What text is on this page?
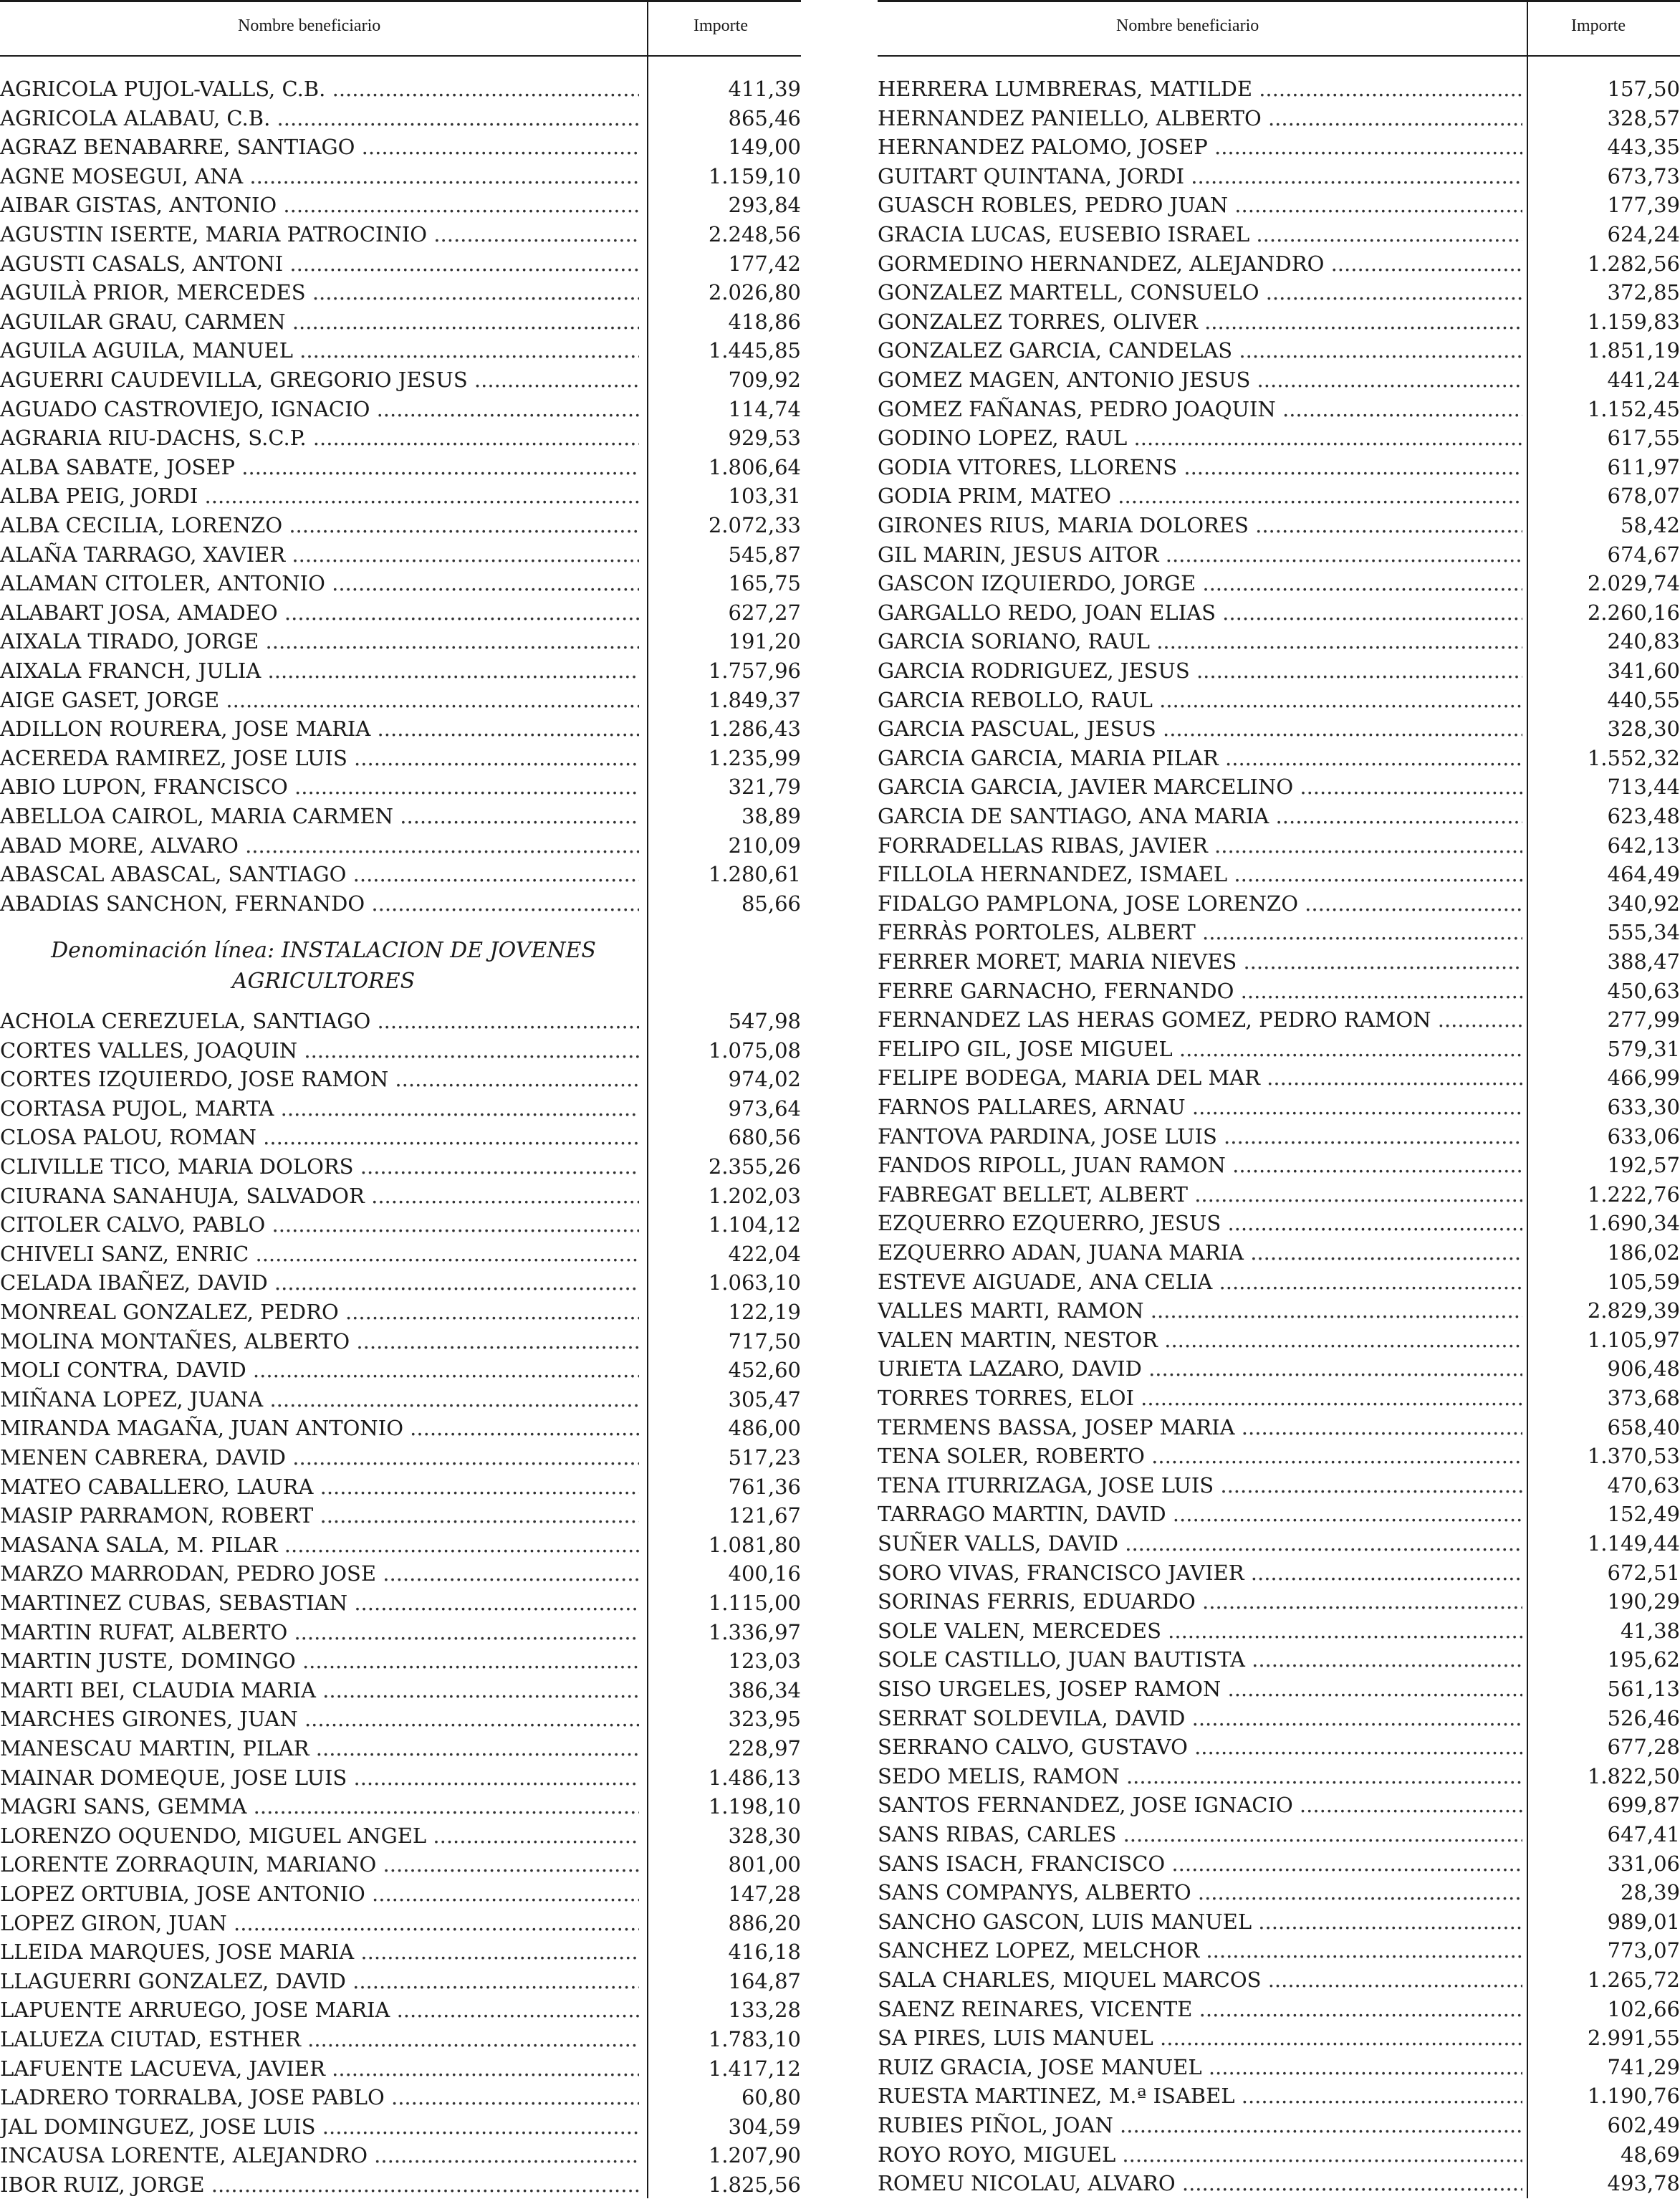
Nombre beneficiario	Importe
AGRICOLA PUJOL-VALLS, C.B. .....	411,39
AGRICOLA ALABAU, C.B. .....	865,46
AGRAZ BENABARRE, SANTIAGO .....	149,00
AGNE MOSEGUI, ANA .....	1.159,10
AIBAR GISTAS, ANTONIO .....	293,84
AGUSTIN ISERTE, MARIA PATROCINIO .....	2.248,56
AGUSTI CASALS, ANTONI .....	177,42
AGUILÀ PRIOR, MERCEDES .....	2.026,80
AGUILAR GRAU, CARMEN .....	418,86
AGUILA AGUILA, MANUEL .....	1.445,85
AGUERRI CAUDEVILLA, GREGORIO JESUS .....	709,92
AGUADO CASTROVIEJO, IGNACIO .....	114,74
AGRARIA RIU-DACHS, S.C.P. .....	929,53
ALBA SABATE, JOSEP .....	1.806,64
ALBA PEIG, JORDI .....	103,31
ALBA CECILIA, LORENZO .....	2.072,33
ALAÑA TARRAGO, XAVIER .....	545,87
ALAMAN CITOLER, ANTONIO .....	165,75
ALABART JOSA, AMADEO .....	627,27
AIXALA TIRADO, JORGE .....	191,20
AIXALA FRANCH, JULIA .....	1.757,96
AIGE GASET, JORGE .....	1.849,37
ADILLON ROURERA, JOSE MARIA .....	1.286,43
ACEREDA RAMIREZ, JOSE LUIS .....	1.235,99
ABIO LUPON, FRANCISCO .....	321,79
ABELLOA CAIROL, MARIA CARMEN .....	38,89
ABAD MORE, ALVARO .....	210,09
ABASCAL ABASCAL, SANTIAGO .....	1.280,61
ABADIAS SANCHON, FERNANDO .....	85,66
ACHOLA CEREZUELA, SANTIAGO .....	547,98
CORTES VALLES, JOAQUIN .....	1.075,08
CORTES IZQUIERDO, JOSE RAMON .....	974,02
CORTASA PUJOL, MARTA .....	973,64
CLOSA PALOU, ROMAN .....	680,56
CLIVILLE TICO, MARIA DOLORS .....	2.355,26
CIURANA SANAHUJA, SALVADOR .....	1.202,03
CITOLER CALVO, PABLO .....	1.104,12
CHIVELI SANZ, ENRIC .....	422,04
CELADA IBAÑEZ, DAVID .....	1.063,10
MONREAL GONZALEZ, PEDRO .....	122,19
MOLINA MONTAÑES, ALBERTO .....	717,50
MOLI CONTRA, DAVID .....	452,60
MIÑANA LOPEZ, JUANA .....	305,47
MIRANDA MAGAÑA, JUAN ANTONIO .....	486,00
MENEN CABRERA, DAVID .....	517,23
MATEO CABALLERO, LAURA .....	761,36
MASIP PARRAMON, ROBERT .....	121,67
MASANA SALA, M. PILAR .....	1.081,80
MARZO MARRODAN, PEDRO JOSE .....	400,16
MARTINEZ CUBAS, SEBASTIAN .....	1.115,00
MARTIN RUFAT, ALBERTO .....	1.336,97
MARTIN JUSTE, DOMINGO .....	123,03
MARTI BEI, CLAUDIA MARIA .....	386,34
MARCHES GIRONES, JUAN .....	323,95
MANESCAU MARTIN, PILAR .....	228,97
MAINAR DOMEQUE, JOSE LUIS .....	1.486,13
MAGRI SANS, GEMMA .....	1.198,10
LORENZO OQUENDO, MIGUEL ANGEL .....	328,30
LORENTE ZORRAQUIN, MARIANO .....	801,00
LOPEZ ORTUBIA, JOSE ANTONIO .....	147,28
LOPEZ GIRON, JUAN .....	886,20
LLEIDA MARQUES, JOSE MARIA .....	416,18
LLAGUERRI GONZALEZ, DAVID .....	164,87
LAPUENTE ARRUEGO, JOSE MARIA .....	133,28
LALUEZA CIUTAD, ESTHER .....	1.783,10
LAFUENTE LACUEVA, JAVIER .....	1.417,12
LADRERO TORRALBA, JOSE PABLO .....	60,80
JAL DOMINGUEZ, JOSE LUIS .....	304,59
INCAUSA LORENTE, ALEJANDRO .....	1.207,90
IBOR RUIZ, JORGE .....	1.825,56
Denominación línea: INSTALACION DE JOVENES
AGRICULTORES
Nombre beneficiario	Importe
HERRERA LUMBRERAS, MATILDE .....	157,50
HERNANDEZ PANIELLO, ALBERTO .....	328,57
HERNANDEZ PALOMO, JOSEP .....	443,35
GUITART QUINTANA, JORDI .....	673,73
GUASCH ROBLES, PEDRO JUAN .....	177,39
GRACIA LUCAS, EUSEBIO ISRAEL .....	624,24
GORMEDINO HERNANDEZ, ALEJANDRO .....	1.282,56
GONZALEZ MARTELL, CONSUELO .....	372,85
GONZALEZ TORRES, OLIVER .....	1.159,83
GONZALEZ GARCIA, CANDELAS .....	1.851,19
GOMEZ MAGEN, ANTONIO JESUS .....	441,24
GOMEZ FAÑANAS, PEDRO JOAQUIN .....	1.152,45
GODINO LOPEZ, RAUL .....	617,55
GODIA VITORES, LLORENS .....	611,97
GODIA PRIM, MATEO .....	678,07
GIRONES RIUS, MARIA DOLORES .....	58,42
GIL MARIN, JESUS AITOR .....	674,67
GASCON IZQUIERDO, JORGE .....	2.029,74
GARGALLO REDO, JOAN ELIAS .....	2.260,16
GARCIA SORIANO, RAUL .....	240,83
GARCIA RODRIGUEZ, JESUS .....	341,60
GARCIA REBOLLO, RAUL .....	440,55
GARCIA PASCUAL, JESUS .....	328,30
GARCIA GARCIA, MARIA PILAR .....	1.552,32
GARCIA GARCIA, JAVIER MARCELINO .....	713,44
GARCIA DE SANTIAGO, ANA MARIA .....	623,48
FORRADELLAS RIBAS, JAVIER .....	642,13
FILLOLA HERNANDEZ, ISMAEL .....	464,49
FIDALGO PAMPLONA, JOSE LORENZO .....	340,92
FERRÀS PORTOLES, ALBERT .....	555,34
FERRER MORET, MARIA NIEVES .....	388,47
FERRE GARNACHO, FERNANDO .....	450,63
FERNANDEZ LAS HERAS GOMEZ, PEDRO RAMON .....	277,99
FELIPO GIL, JOSE MIGUEL .....	579,31
FELIPE BODEGA, MARIA DEL MAR .....	466,99
FARNOS PALLARES, ARNAU .....	633,30
FANTOVA PARDINA, JOSE LUIS .....	633,06
FANDOS RIPOLL, JUAN RAMON .....	192,57
FABREGAT BELLET, ALBERT .....	1.222,76
EZQUERRO EZQUERRO, JESUS .....	1.690,34
EZQUERRO ADAN, JUANA MARIA .....	186,02
ESTEVE AIGUADE, ANA CELIA .....	105,59
VALLES MARTI, RAMON .....	2.829,39
VALEN MARTIN, NESTOR .....	1.105,97
URIETA LAZARO, DAVID .....	906,48
TORRES TORRES, ELOI .....	373,68
TERMENS BASSA, JOSEP MARIA .....	658,40
TENA SOLER, ROBERTO .....	1.370,53
TENA ITURRIZAGA, JOSE LUIS .....	470,63
TARRAGO MARTIN, DAVID .....	152,49
SUÑER VALLS, DAVID .....	1.149,44
SORO VIVAS, FRANCISCO JAVIER .....	672,51
SORINAS FERRIS, EDUARDO .....	190,29
SOLE VALEN, MERCEDES .....	41,38
SOLE CASTILLO, JUAN BAUTISTA .....	195,62
SISO URGELES, JOSEP RAMON .....	561,13
SERRAT SOLDEVILA, DAVID .....	526,46
SERRANO CALVO, GUSTAVO .....	677,28
SEDO MELIS, RAMON .....	1.822,50
SANTOS FERNANDEZ, JOSE IGNACIO .....	699,87
SANS RIBAS, CARLES .....	647,41
SANS ISACH, FRANCISCO .....	331,06
SANS COMPANYS, ALBERTO .....	28,39
SANCHO GASCON, LUIS MANUEL .....	989,01
SANCHEZ LOPEZ, MELCHOR .....	773,07
SALA CHARLES, MIQUEL MARCOS .....	1.265,72
SAENZ REINARES, VICENTE .....	102,66
SA PIRES, LUIS MANUEL .....	2.991,55
RUIZ GRACIA, JOSE MANUEL .....	741,29
RUESTA MARTINEZ, M.ª ISABEL .....	1.190,76
RUBIES PIÑOL, JOAN .....	602,49
ROYO ROYO, MIGUEL .....	48,69
ROMEU NICOLAU, ALVARO .....	493,78
